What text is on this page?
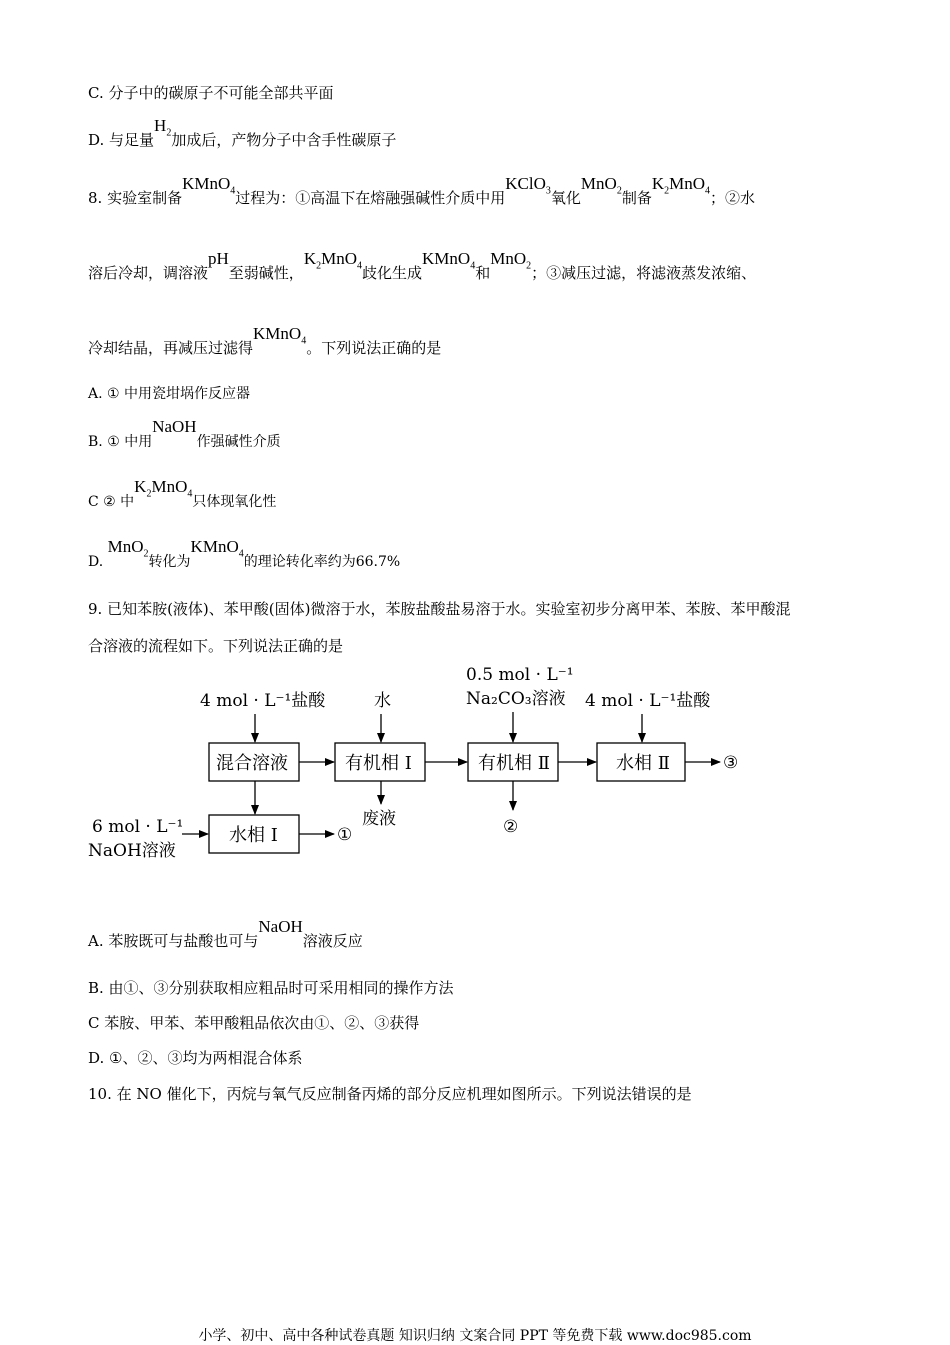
C. 分子中的碳原子不可能全部共平面
D. 与足量$H_2$加成后，产物分子中含手性碳原子
8. 实验室制备KMnO$_4$过程为：①高温下在熔融强碱性介质中用KClO$_3$氧化MnO$_2$制备$K_2MnO_4$；②水
溶后冷却，调溶液pH至弱碱性，$K_2MnO_4$歧化生成KMnO$_4$和MnO$_2$；③减压过滤，将滤液蒸发浓缩、
冷却结晶，再减压过滤得KMnO$_4$。下列说法正确的是
A. ① 中用瓷坩埚作反应器
B. ① 中用NaOH作强碱性介质
C ② 中$K_2MnO_4$只体现氧化性
D. MnO$_2$转化为KMnO$_4$的理论转化率约为66.7%
9. 已知苯胺(液体)、苯甲酸(固体)微溶于水，苯胺盐酸盐易溶于水。实验室初步分离甲苯、苯胺、苯甲酸混
合溶液的流程如下。下列说法正确的是
4 mol · L⁻¹盐酸	水
0.5 mol · L⁻¹
Na₂CO₃溶液 4 mol · L⁻¹盐酸
6 mol · L⁻¹
NaOH溶液
混合溶液	有机相 Ⅰ	有机相 Ⅱ	水相 Ⅱ	③
废液	②
水相 Ⅰ	①
A. 苯胺既可与盐酸也可与NaOH溶液反应
B. 由①、③分别获取相应粗品时可采用相同的操作方法
C 苯胺、甲苯、苯甲酸粗品依次由①、②、③获得
D. ①、②、③均为两相混合体系
10. 在 NO 催化下，丙烷与氧气反应制备丙烯的部分反应机理如图所示。下列说法错误的是
小学、初中、高中各种试卷真题 知识归纳 文案合同 PPT 等免费下载 www.doc985.com
